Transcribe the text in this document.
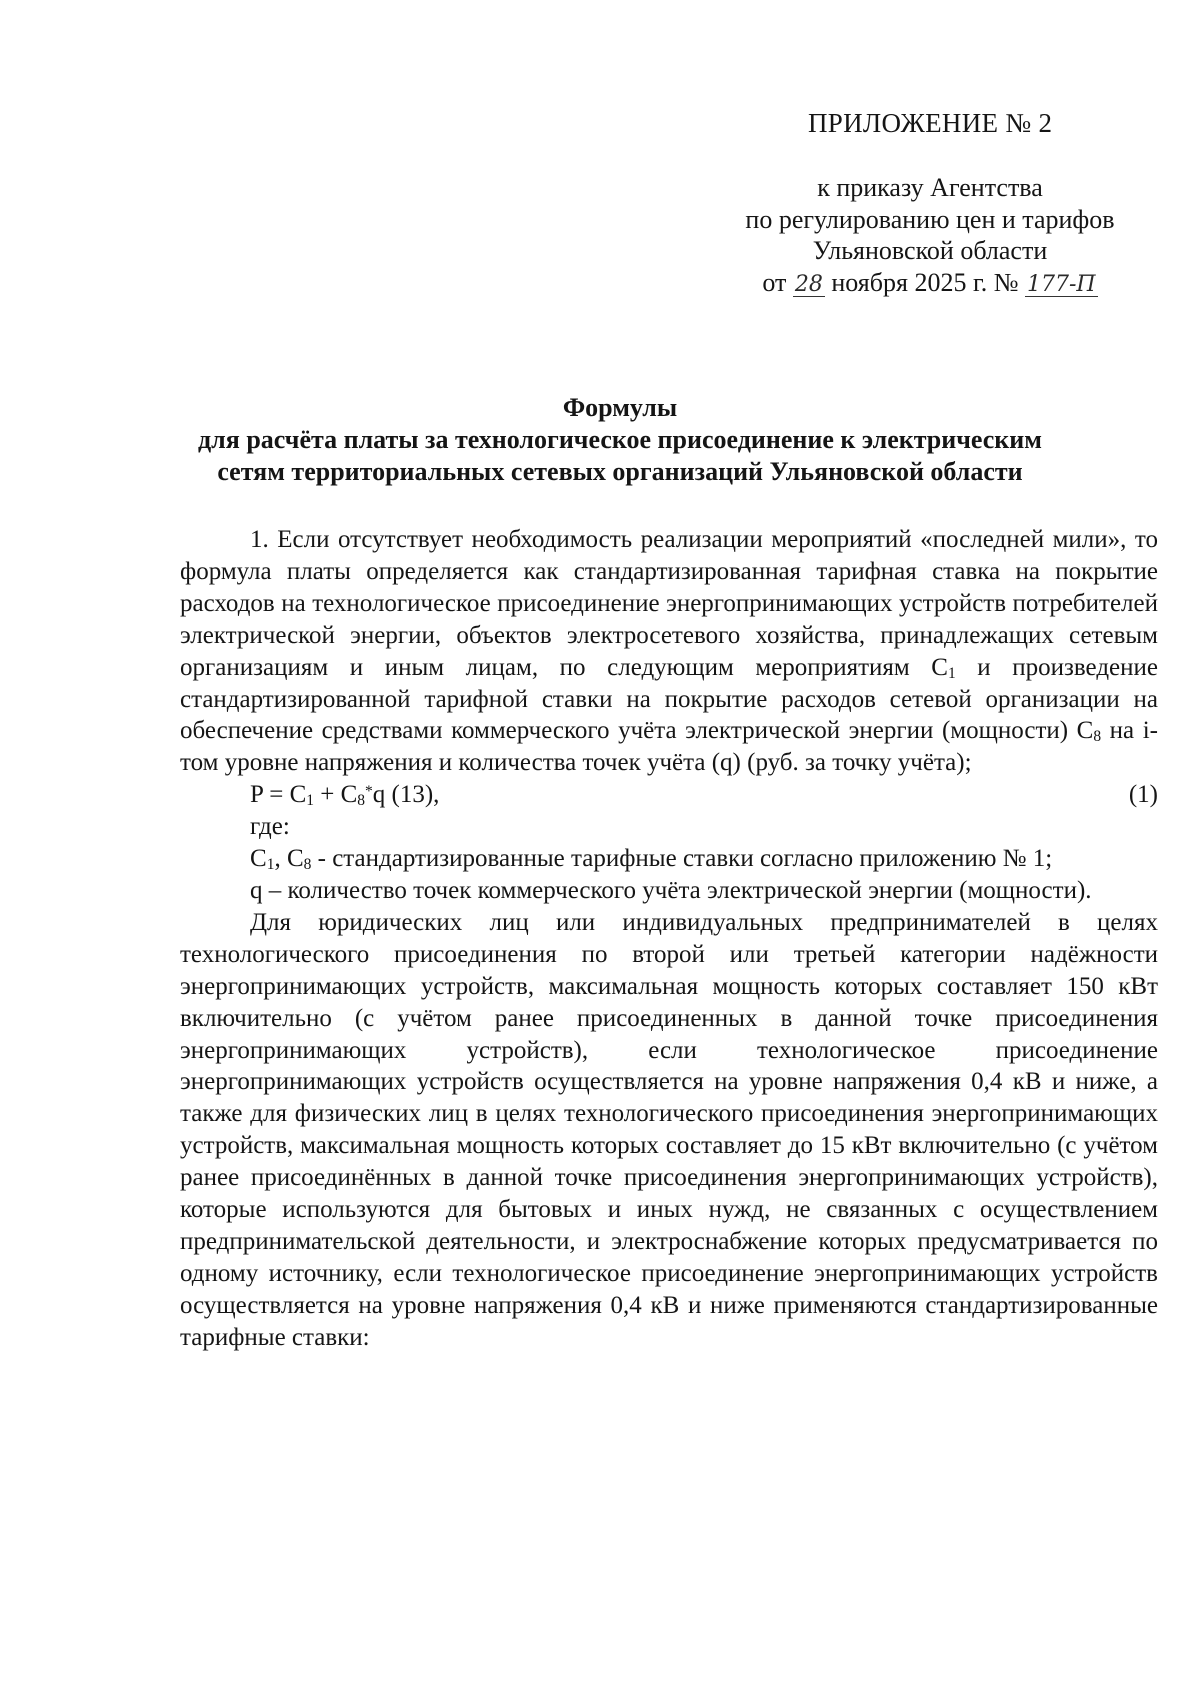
ПРИЛОЖЕНИЕ № 2
к приказу Агентства
по регулированию цен и тарифов
Ульяновской области
от 28 ноября 2025 г. № 177-П
Формулы
для расчёта платы за технологическое присоединение к электрическим
сетям территориальных сетевых организаций Ульяновской области

1. Если отсутствует необходимость реализации мероприятий «последней мили», то формула платы определяется как стандартизированная тарифная ставка на покрытие расходов на технологическое присоединение энергопринимающих устройств потребителей электрической энергии, объектов электросетевого хозяйства, принадлежащих сетевым организациям и иным лицам, по следующим мероприятиям $С_1$ и произведение стандартизированной тарифной ставки на покрытие расходов сетевой организации на обеспечение средствами коммерческого учёта электрической энергии (мощности) $С_8$ на i-том уровне напряжения и количества точек учёта (q) (руб. за точку учёта);

$P = C_1 + C_8^*q$ (13),	(1)
где:

$C_1$, $C_8$ - стандартизированные тарифные ставки согласно приложению № 1;

q – количество точек коммерческого учёта электрической энергии (мощности).

Для юридических лиц или индивидуальных предпринимателей в целях технологического присоединения по второй или третьей категории надёжности энергопринимающих устройств, максимальная мощность которых составляет 150 кВт включительно (с учётом ранее присоединенных в данной точке присоединения энергопринимающих устройств), если технологическое присоединение энергопринимающих устройств осуществляется на уровне напряжения 0,4 кВ и ниже, а также для физических лиц в целях технологического присоединения энергопринимающих устройств, максимальная мощность которых составляет до 15 кВт включительно (с учётом ранее присоединённых в данной точке присоединения энергопринимающих устройств), которые используются для бытовых и иных нужд, не связанных с осуществлением предпринимательской деятельности, и электроснабжение которых предусматривается по одному источнику, если технологическое присоединение энергопринимающих устройств осуществляется на уровне напряжения 0,4 кВ и ниже применяются стандартизированные тарифные ставки:
